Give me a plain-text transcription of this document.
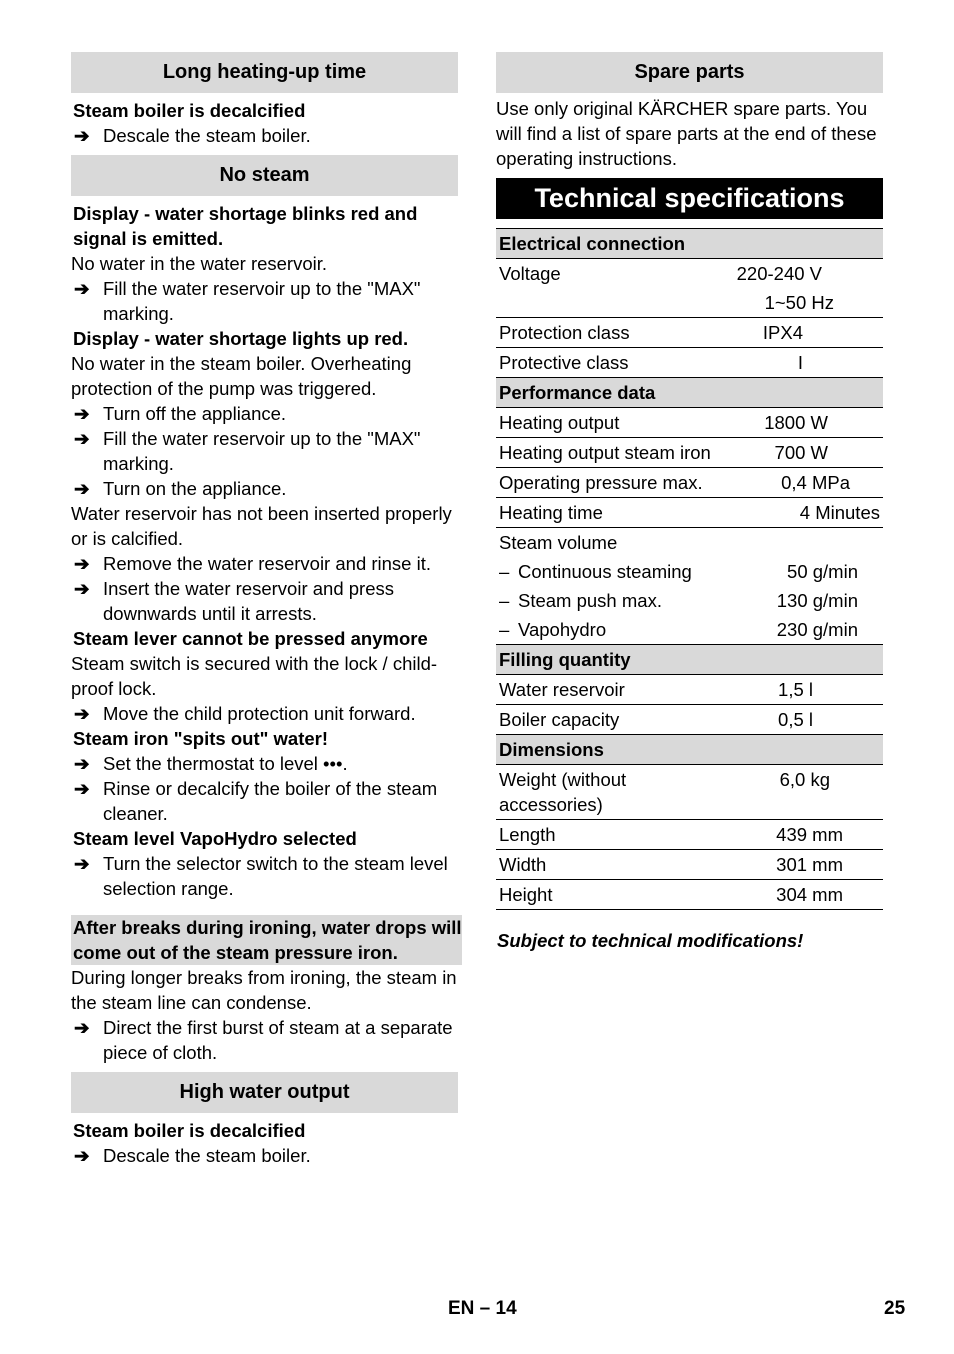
Long heating-up time
Steam boiler is decalcified
➔ Descale the steam boiler.
No steam
Display - water shortage blinks red and signal is emitted.
No water in the water reservoir.
➔ Fill the water reservoir up to the "MAX" marking.
Display - water shortage lights up red.
No water in the steam boiler. Overheating protection of the pump was triggered.
➔ Turn off the appliance.
➔ Fill the water reservoir up to the "MAX" marking.
➔ Turn on the appliance.
Water reservoir has not been inserted properly or is calcified.
➔ Remove the water reservoir and rinse it.
➔ Insert the water reservoir and press downwards until it arrests.
Steam lever cannot be pressed anymore
Steam switch is secured with the lock / child-proof lock.
➔ Move the child protection unit forward.
Steam iron "spits out" water!
➔ Set the thermostat to level •••.
➔ Rinse or decalcify the boiler of the steam cleaner.
Steam level VapoHydro selected
➔ Turn the selector switch to the steam level selection range.
After breaks during ironing, water drops will come out of the steam pressure iron.
During longer breaks from ironing, the steam in the steam line can condense.
➔ Direct the first burst of steam at a separate piece of cloth.
High water output
Steam boiler is decalcified
➔ Descale the steam boiler.
Spare parts
Use only original KÄRCHER spare parts. You will find a list of spare parts at the end of these operating instructions.
Technical specifications
Electrical connection	
Voltage	220-240 V
	1~50 Hz
Protection class	IPX4
Protective class	I
Performance data	
Heating output	1800 W
Heating output steam iron	700 W
Operating pressure max.	0,4 MPa
Heating time	4 Minutes
Steam volume	
– Continuous steaming	50 g/min
– Steam push max.	130 g/min
– Vapohydro	230 g/min
Filling quantity	
Water reservoir	1,5 l
Boiler capacity	0,5 l
Dimensions	
Weight (without accessories)	6,0 kg
Length	439 mm
Width	301 mm
Height	304 mm
Subject to technical modifications!
EN – 14	25
